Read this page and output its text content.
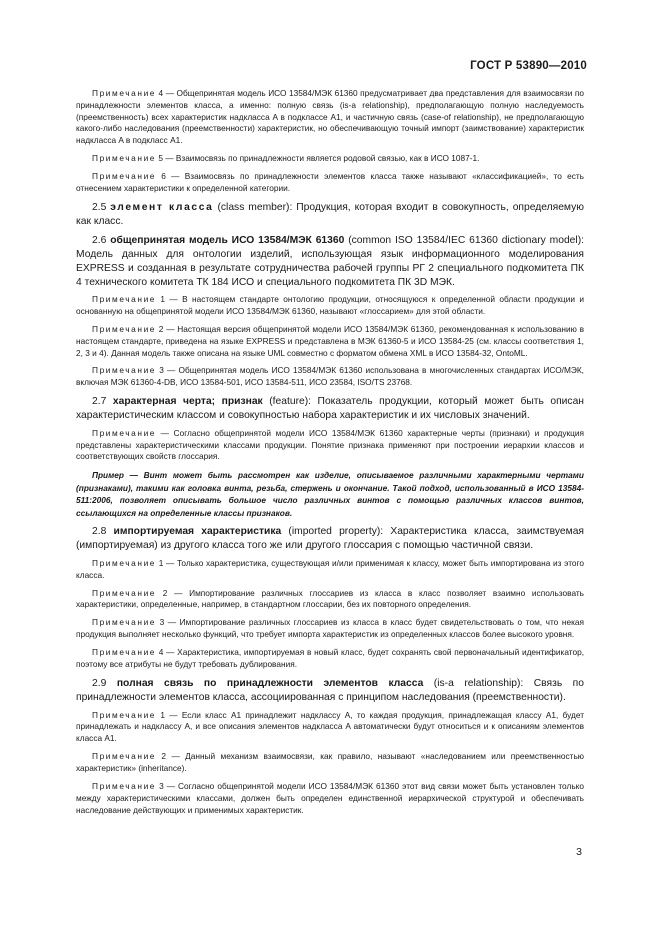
ГОСТ Р 53890—2010

Примечание 4 — Общепринятая модель ИСО 13584/МЭК 61360 предусматривает два представления для взаимосвязи по принадлежности элементов класса, а именно: полную связь (is-a relationship), предполагающую полную наследуемость (преемственность) всех характеристик надкласса A в подклассе A1, и частичную связь (case-of relationship), не предполагающую какого-либо наследования (преемственности) характеристик, но обеспечивающую точный импорт (заимствование) характеристик надкласса A в подкласс A1.

Примечание 5 — Взаимосвязь по принадлежности является родовой связью, как в ИСО 1087-1.

Примечание 6 — Взаимосвязь по принадлежности элементов класса также называют «классификацией», то есть отнесением характеристики к определенной категории.

2.5 элемент класса (class member): Продукция, которая входит в совокупность, определяемую как класс.

2.6 общепринятая модель ИСО 13584/МЭК 61360 (common ISO 13584/IEC 61360 dictionary model): Модель данных для онтологии изделий, использующая язык информационного моделирования EXPRESS и созданная в результате сотрудничества рабочей группы РГ 2 специального подкомитета ПК 4 технического комитета ТК 184 ИСО и специального подкомитета ПК 3D МЭК.

Примечание 1 — В настоящем стандарте онтологию продукции, относящуюся к определенной области продукции и основанную на общепринятой модели ИСО 13584/МЭК 61360, называют «глоссарием» для этой области.

Примечание 2 — Настоящая версия общепринятой модели ИСО 13584/МЭК 61360, рекомендованная к использованию в настоящем стандарте, приведена на языке EXPRESS и представлена в МЭК 61360-5 и ИСО 13584-25 (см. классы соответствия 1, 2, 3 и 4). Данная модель также описана на языке UML совместно с форматом обмена XML в ИСО 13584-32, OntoML.

Примечание 3 — Общепринятая модель ИСО 13584/МЭК 61360 использована в многочисленных стандартах ИСО/МЭК, включая МЭК 61360-4-DB, ИСО 13584-501, ИСО 13584-511, ИСО 23584, ISO/TS 23768.

2.7 характерная черта; признак (feature): Показатель продукции, который может быть описан характеристическим классом и совокупностью набора характеристик и их числовых значений.

Примечание — Согласно общепринятой модели ИСО 13584/МЭК 61360 характерные черты (признаки) и продукция представлены характеристическими классами продукции. Понятие признака применяют при построении иерархии классов и соответствующих свойств глоссария.

Пример — Винт может быть рассмотрен как изделие, описываемое различными характерными чертами (признаками), такими как головка винта, резьба, стержень и окончание. Такой подход, использованный в ИСО 13584-511:2006, позволяет описывать большое число различных винтов с помощью различных классов винтов, ссылающихся на определенные классы признаков.

2.8 импортируемая характеристика (imported property): Характеристика класса, заимствуемая (импортируемая) из другого класса того же или другого глоссария с помощью частичной связи.

Примечание 1 — Только характеристика, существующая и/или применимая к классу, может быть импортирована из этого класса.

Примечание 2 — Импортирование различных глоссариев из класса в класс позволяет взаимно использовать характеристики, определенные, например, в стандартном глоссарии, без их повторного определения.

Примечание 3 — Импортирование различных глоссариев из класса в класс будет свидетельствовать о том, что некая продукция выполняет несколько функций, что требует импорта характеристик из определенных классов более высокого уровня.

Примечание 4 — Характеристика, импортируемая в новый класс, будет сохранять свой первоначальный идентификатор, поэтому все атрибуты не будут требовать дублирования.

2.9 полная связь по принадлежности элементов класса (is-a relationship): Связь по принадлежности элементов класса, ассоциированная с принципом наследования (преемственности).

Примечание 1 — Если класс A1 принадлежит надклассу A, то каждая продукция, принадлежащая классу A1, будет принадлежать и надклассу A, и все описания элементов надкласса A автоматически будут относиться и к описаниям элементов класса A1.

Примечание 2 — Данный механизм взаимосвязи, как правило, называют «наследованием или преемственностью характеристик» (inheritance).

Примечание 3 — Согласно общепринятой модели ИСО 13584/МЭК 61360 этот вид связи может быть установлен только между характеристическими классами, должен быть определен единственной иерархической структурой и обеспечивать наследование действующих и применимых характеристик.

3
